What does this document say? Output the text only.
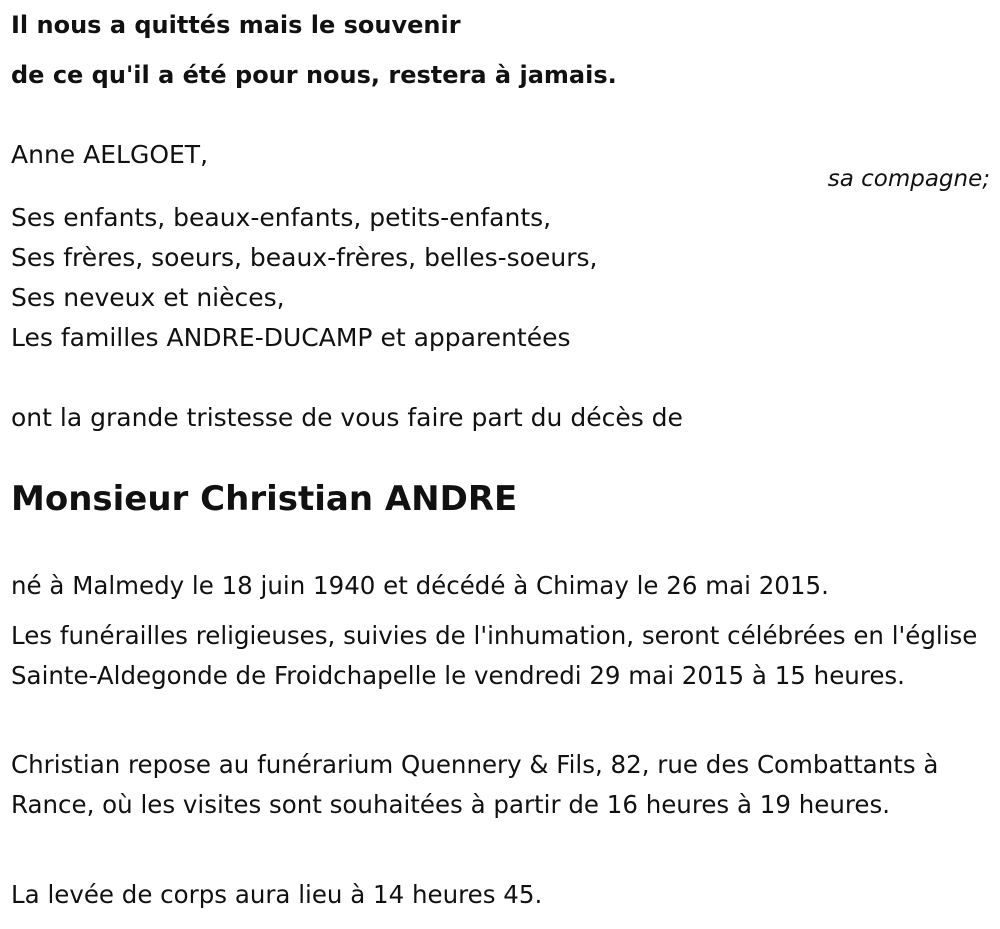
Il nous a quittés mais le souvenir
de ce qu'il a été pour nous, restera à jamais.
Anne AELGOET,
sa compagne;
Ses enfants, beaux-enfants, petits-enfants,
Ses frères, soeurs, beaux-frères, belles-soeurs,
Ses neveux et nièces,
Les familles ANDRE-DUCAMP et apparentées
ont la grande tristesse de vous faire part du décès de
Monsieur Christian ANDRE
né à Malmedy le 18 juin 1940 et décédé à Chimay le 26 mai 2015.
Les funérailles religieuses, suivies de l'inhumation, seront célébrées en l'église Sainte-Aldegonde de Froidchapelle le vendredi 29 mai 2015 à 15 heures.
Christian repose au funérarium Quennery & Fils, 82, rue des Combattants à Rance, où les visites sont souhaitées à partir de 16 heures à 19 heures.
La levée de corps aura lieu à 14 heures 45.
